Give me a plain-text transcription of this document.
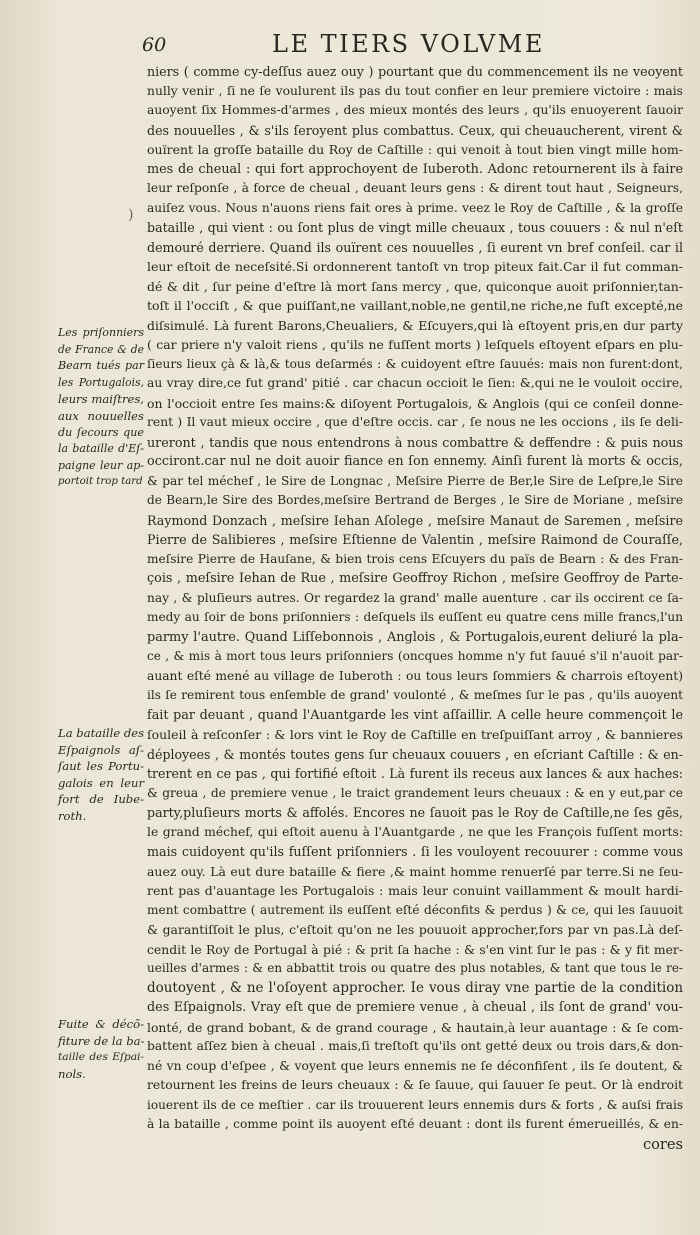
60	LE TIERS VOLVME
)
niers ( comme cy-deſſus auez ouy ) pourtant que du commencement ils ne veoyent
nully venir , ſi ne ſe voulurent ils pas du tout confier en leur premiere victoire : mais
auoyent ſix Hommes-d'armes , des mieux montés des leurs , qu'ils enuoyerent ſauoir
des nouuelles , & s'ils ſeroyent plus combattus. Ceux, qui cheuaucherent, virent &
ouïrent la groſſe bataille du Roy de Caſtille : qui venoit à tout bien vingt mille hom-
mes de cheual : qui fort approchoyent de Iuberoth. Adonc retournerent ils à faire
leur reſponſe , à force de cheual , deuant leurs gens : & dirent tout haut , Seigneurs,
auiſez vous. Nous n'auons riens fait ores à prime. veez le Roy de Caſtille , & la groſſe
bataille , qui vient : ou ſont plus de vingt mille cheuaux , tous couuers : & nul n'eſt
demouré derriere. Quand ils ouïrent ces nouuelles , ſi eurent vn bref conſeil. car il
leur eſtoit de neceſsité.Si ordonnerent tantoſt vn trop piteux fait.Car il fut comman-
dé & dit , ſur peine d'eſtre là mort ſans mercy , que, quiconque auoit priſonnier,tan-
toſt il l'occiſt , & que puiſſant,ne vaillant,noble,ne gentil,ne riche,ne fuſt excepté,ne
diſsimulé. Là furent Barons,Cheualiers, & Eſcuyers,qui là eſtoyent pris,en dur party
( car priere n'y valoit riens , qu'ils ne fuſſent morts ) leſquels eſtoyent eſpars en plu-
ſieurs lieux çà & là,& tous deſarmés : & cuidoyent eſtre ſauués: mais non furent:dont,
au vray dire,ce fut grand' pitié . car chacun occioit le ſien: &,qui ne le vouloit occire,
on l'occioit entre ſes mains:& diſoyent Portugalois, & Anglois (qui ce conſeil donne-
rent ) Il vaut mieux occire , que d'eſtre occis. car , ſe nous ne les occions , ils ſe deli-
ureront , tandis que nous entendrons à nous combattre & deffendre : & puis nous
occiront.car nul ne doit auoir fiance en ſon ennemy. Ainſi furent là morts & occis,
& par tel méchef , le Sire de Longnac , Meſsire Pierre de Ber,le Sire de Leſpre,le Sire
de Bearn,le Sire des Bordes,meſsire Bertrand de Berges , le Sire de Moriane , meſsire
Raymond Donzach , meſsire Iehan Aſolege , meſsire Manaut de Saremen , meſsire
Pierre de Salibieres , meſsire Eſtienne de Valentin , meſsire Raimond de Couraſſe,
meſsire Pierre de Hauſane, & bien trois cens Eſcuyers du païs de Bearn : & des Fran-
çois , meſsire Iehan de Rue , meſsire Geoffroy Richon , meſsire Geoffroy de Parte-
nay , & pluſieurs autres. Or regardez la grand' malle auenture . car ils occirent ce ſa-
medy au ſoir de bons priſonniers : deſquels ils euſſent eu quatre cens mille francs,l'un
parmy l'autre. Quand Liſſebonnois , Anglois , & Portugalois,eurent deliuré la pla-
ce , & mis à mort tous leurs priſonniers (oncques homme n'y fut ſauué s'il n'auoit par-
auant eſté mené au village de Iuberoth : ou tous leurs ſommiers & charrois eſtoyent)
ils ſe remirent tous enſemble de grand' voulonté , & meſmes ſur le pas , qu'ils auoyent
fait par deuant , quand l'Auantgarde les vint aſſaillir. A celle heure commençoit le
ſouleil à reſconſer : & lors vint le Roy de Caſtille en treſpuiſſant arroy , & bannieres
déployees , & montés toutes gens ſur cheuaux couuers , en eſcriant Caſtille : & en-
trerent en ce pas , qui fortifié eſtoit . Là furent ils receus aux lances & aux haches:
& greua , de premiere venue , le traict grandement leurs cheuaux : & en y eut,par ce
party,pluſieurs morts & affolés. Encores ne ſauoit pas le Roy de Caſtille,ne ſes gẽs,
le grand méchef, qui eſtoit auenu à l'Auantgarde , ne que les François fuſſent morts:
mais cuidoyent qu'ils fuſſent priſonniers . ſi les vouloyent recouurer : comme vous
auez ouy. Là eut dure bataille & fiere ,& maint homme renuerſé par terre.Si ne ſeu-
rent pas d'auantage les Portugalois : mais leur conuint vaillamment & moult hardi-
ment combattre ( autrement ils euſſent eſté déconfits & perdus ) & ce, qui les ſauuoit
& garantiſſoit le plus, c'eſtoit qu'on ne les pouuoit approcher,fors par vn pas.Là deſ-
cendit le Roy de Portugal à pié : & prit ſa hache : & s'en vint ſur le pas : & y fit mer-
ueilles d'armes : & en abbattit trois ou quatre des plus notables, & tant que tous le re-
doutoyent , & ne l'oſoyent approcher. Ie vous diray vne partie de la condition
des Eſpaignols. Vray eſt que de premiere venue , à cheual , ils ſont de grand' vou-
lonté, de grand bobant, & de grand courage , & hautain,à leur auantage : & ſe com-
battent aſſez bien à cheual . mais,ſi treſtoſt qu'ils ont getté deux ou trois dars,& don-
né vn coup d'eſpee , & voyent que leurs ennemis ne ſe déconfiſent , ils ſe doutent, &
retournent les freins de leurs cheuaux : & ſe ſauue, qui ſauuer ſe peut. Or là endroit
iouerent ils de ce meſtier . car ils trouuerent leurs ennemis durs & forts , & auſsi frais
à la bataille , comme point ils auoyent eſté deuant : dont ils furent émerueillés, & en-
cores
Les priſonniers
de France & de
Bearn tués par
les Portugalois,
leurs maiſtres,
aux nouuelles
du ſecours que
la bataille d'Eſ-
paigne leur ap-
portoit trop tard
La bataille des
Eſpaignols aſ-
ſaut les Portu-
galois en leur
fort de Iube-
roth.
Fuite & décõ-
fiture de la ba-
taille des Eſpai-
nols.
